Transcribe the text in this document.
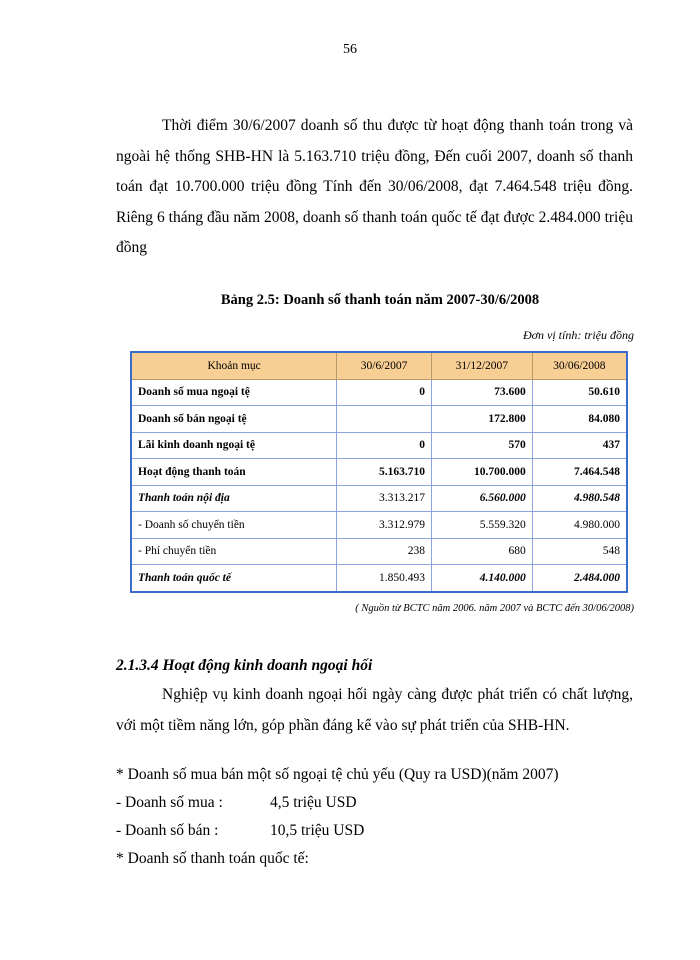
56
Thời điểm 30/6/2007 doanh số thu được từ hoạt động thanh toán trong và ngoài hệ thống SHB-HN là 5.163.710 triệu đồng, Đến cuối 2007, doanh số thanh toán đạt 10.700.000 triệu đồng Tính đến 30/06/2008, đạt 7.464.548 triệu đồng. Riêng 6 tháng đầu năm 2008, doanh số thanh toán quốc tế đạt được 2.484.000 triệu đồng
Bảng 2.5: Doanh số thanh toán năm 2007-30/6/2008
Đơn vị tính: triệu đồng
Khoản mục	30/6/2007	31/12/2007	30/06/2008
Doanh số mua ngoại tệ	0	73.600	50.610
Doanh số bán ngoại tệ		172.800	84.080
Lãi kinh doanh ngoại tệ	0	570	437
Hoạt động thanh toán	5.163.710	10.700.000	7.464.548
Thanh toán nội địa	3.313.217	6.560.000	4.980.548
- Doanh số chuyển tiền	3.312.979	5.559.320	4.980.000
- Phí chuyển tiền	238	680	548
Thanh toán quốc tế	1.850.493	4.140.000	2.484.000
( Nguồn từ BCTC năm 2006. năm 2007 và BCTC đến 30/06/2008)
2.1.3.4 Hoạt động kinh doanh ngoại hối
Nghiệp vụ kinh doanh ngoại hối ngày càng được phát triển có chất lượng, với một tiềm năng lớn, góp phần đáng kể vào sự phát triển của SHB-HN.
* Doanh số mua bán một số ngoại tệ chủ yếu (Quy ra USD)(năm 2007)
- Doanh số mua :	4,5 triệu USD
- Doanh số bán :	10,5 triệu USD
* Doanh số thanh toán quốc tế:
